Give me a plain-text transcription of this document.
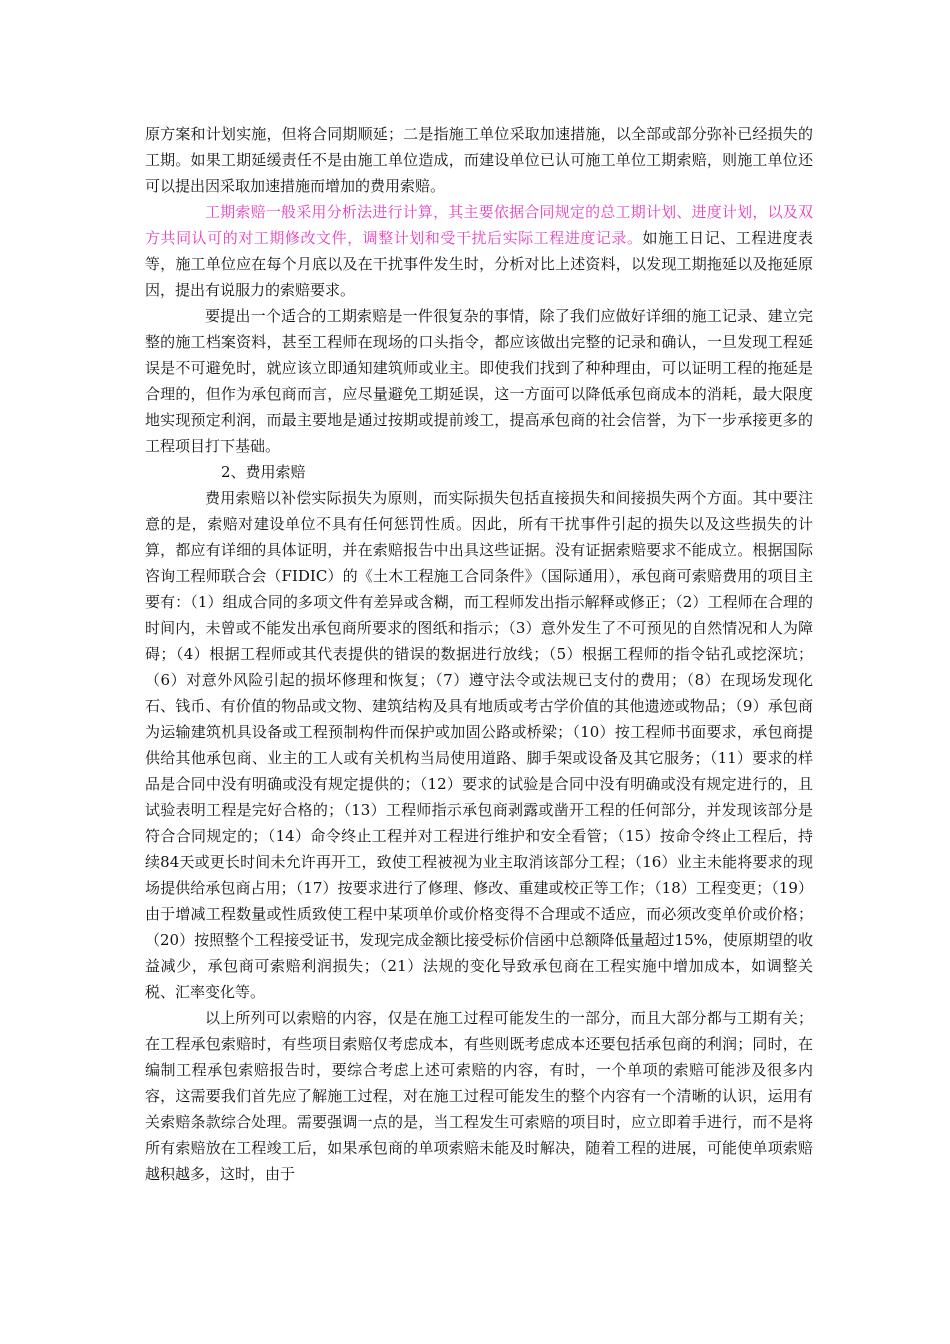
原方案和计划实施，但将合同期顺延；二是指施工单位采取加速措施，以全部或部分弥补已经损失的工期。如果工期延缓责任不是由施工单位造成，而建设单位已认可施工单位工期索赔，则施工单位还可以提出因采取加速措施而增加的费用索赔。

工期索赔一般采用分析法进行计算，其主要依据合同规定的总工期计划、进度计划，以及双方共同认可的对工期修改文件，调整计划和受干扰后实际工程进度记录。如施工日记、工程进度表等，施工单位应在每个月底以及在干扰事件发生时，分析对比上述资料，以发现工期拖延以及拖延原因，提出有说服力的索赔要求。

要提出一个适合的工期索赔是一件很复杂的事情，除了我们应做好详细的施工记录、建立完整的施工档案资料，甚至工程师在现场的口头指令，都应该做出完整的记录和确认，一旦发现工程延误是不可避免时，就应该立即通知建筑师或业主。即使我们找到了种种理由，可以证明工程的拖延是合理的，但作为承包商而言，应尽量避免工期延误，这一方面可以降低承包商成本的消耗，最大限度地实现预定利润，而最主要地是通过按期或提前竣工，提高承包商的社会信誉，为下一步承接更多的工程项目打下基础。

2、费用索赔

费用索赔以补偿实际损失为原则，而实际损失包括直接损失和间接损失两个方面。其中要注意的是，索赔对建设单位不具有任何惩罚性质。因此，所有干扰事件引起的损失以及这些损失的计算，都应有详细的具体证明，并在索赔报告中出具这些证据。没有证据索赔要求不能成立。根据国际咨询工程师联合会（FIDIC）的《土木工程施工合同条件》（国际通用），承包商可索赔费用的项目主要有：（1）组成合同的多项文件有差异或含糊，而工程师发出指示解释或修正；（2）工程师在合理的时间内，未曾或不能发出承包商所要求的图纸和指示；（3）意外发生了不可预见的自然情况和人为障碍；（4）根据工程师或其代表提供的错误的数据进行放线；（5）根据工程师的指令钻孔或挖深坑；（6）对意外风险引起的损坏修理和恢复；（7）遵守法令或法规已支付的费用；（8）在现场发现化石、钱币、有价值的物品或文物、建筑结构及具有地质或考古学价值的其他遗迹或物品；（9）承包商为运输建筑机具设备或工程预制构件而保护或加固公路或桥梁；（10）按工程师书面要求，承包商提供给其他承包商、业主的工人或有关机构当局使用道路、脚手架或设备及其它服务；（11）要求的样品是合同中没有明确或没有规定提供的；（12）要求的试验是合同中没有明确或没有规定进行的，且试验表明工程是完好合格的；（13）工程师指示承包商剥露或凿开工程的任何部分，并发现该部分是符合合同规定的；（14）命令终止工程并对工程进行维护和安全看管；（15）按命令终止工程后，持续84天或更长时间未允许再开工，致使工程被视为业主取消该部分工程；（16）业主未能将要求的现场提供给承包商占用；（17）按要求进行了修理、修改、重建或校正等工作；（18）工程变更；（19）由于增减工程数量或性质致使工程中某项单价或价格变得不合理或不适应，而必须改变单价或价格；（20）按照整个工程接受证书，发现完成金额比接受标价信函中总额降低量超过15%，使原期望的收益减少，承包商可索赔利润损失；（21）法规的变化导致承包商在工程实施中增加成本，如调整关税、汇率变化等。

以上所列可以索赔的内容，仅是在施工过程可能发生的一部分，而且大部分都与工期有关；在工程承包索赔时，有些项目索赔仅考虑成本，有些则既考虑成本还要包括承包商的利润；同时，在编制工程承包索赔报告时，要综合考虑上述可索赔的内容，有时，一个单项的索赔可能涉及很多内容，这需要我们首先应了解施工过程，对在施工过程可能发生的整个内容有一个清晰的认识，运用有关索赔条款综合处理。需要强调一点的是，当工程发生可索赔的项目时，应立即着手进行，而不是将所有索赔放在工程竣工后，如果承包商的单项索赔未能及时解决，随着工程的进展，可能使单项索赔越积越多，这时，由于
